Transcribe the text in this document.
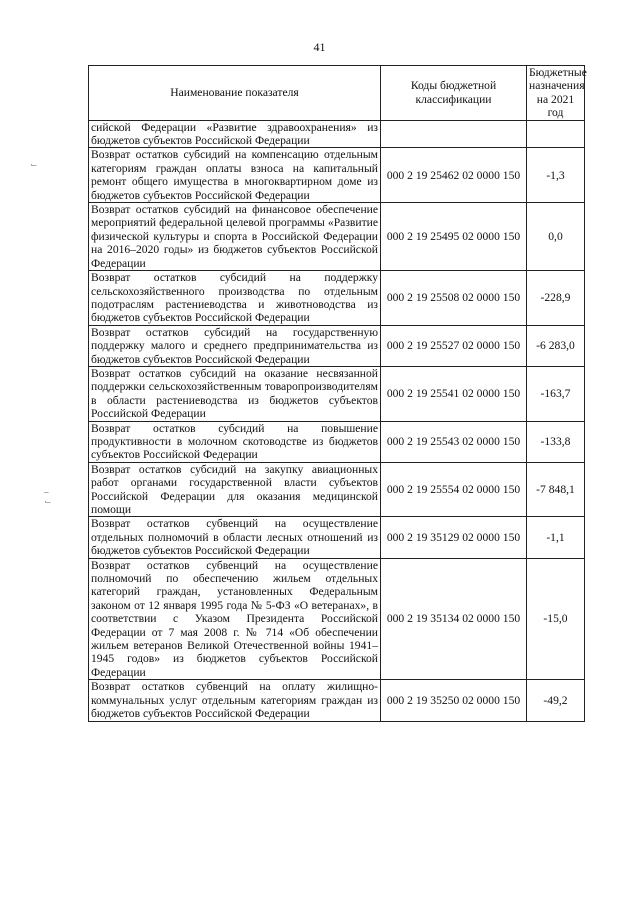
41
·–
–
·–
Наименование показателя	Коды бюджетной классификации	Бюджетные назначения на 2021 год
сийской Федерации «Развитие здравоохранения» из бюджетов субъектов Российской Федерации		
Возврат остатков субсидий на компенсацию отдельным категориям граждан оплаты взноса на капитальный ремонт общего имущества в многоквартирном доме из бюджетов субъектов Российской Федерации	000 2 19 25462 02 0000 150	-1,3
Возврат остатков субсидий на финансовое обеспечение мероприятий федеральной целевой программы «Развитие физической культуры и спорта в Российской Федерации на 2016–2020 годы» из бюджетов субъектов Российской Федерации	000 2 19 25495 02 0000 150	0,0
Возврат остатков субсидий на поддержку сельскохозяйственного производства по отдельным подотраслям растениеводства и животноводства из бюджетов субъектов Российской Федерации	000 2 19 25508 02 0000 150	-228,9
Возврат остатков субсидий на государственную поддержку малого и среднего предпринимательства из бюджетов субъектов Российской Федерации	000 2 19 25527 02 0000 150	-6 283,0
Возврат остатков субсидий на оказание несвязанной поддержки сельскохозяйственным товаропроизводителям в области растениеводства из бюджетов субъектов Российской Федерации	000 2 19 25541 02 0000 150	-163,7
Возврат остатков субсидий на повышение продуктивности в молочном скотоводстве из бюджетов субъектов Российской Федерации	000 2 19 25543 02 0000 150	-133,8
Возврат остатков субсидий на закупку авиационных работ органами государственной власти субъектов Российской Федерации для оказания медицинской помощи	000 2 19 25554 02 0000 150	-7 848,1
Возврат остатков субвенций на осуществление отдельных полномочий в области лесных отношений из бюджетов субъектов Российской Федерации	000 2 19 35129 02 0000 150	-1,1
Возврат остатков субвенций на осуществление полномочий по обеспечению жильем отдельных категорий граждан, установленных Федеральным законом от 12 января 1995 года № 5-ФЗ «О ветеранах», в соответствии с Указом Президента Российской Федерации от 7 мая 2008 г. № 714 «Об обеспечении жильем ветеранов Великой Отечественной войны 1941–1945 годов» из бюджетов субъектов Российской Федерации	000 2 19 35134 02 0000 150	-15,0
Возврат остатков субвенций на оплату жилищно-коммунальных услуг отдельным категориям граждан из бюджетов субъектов Российской Федерации	000 2 19 35250 02 0000 150	-49,2
